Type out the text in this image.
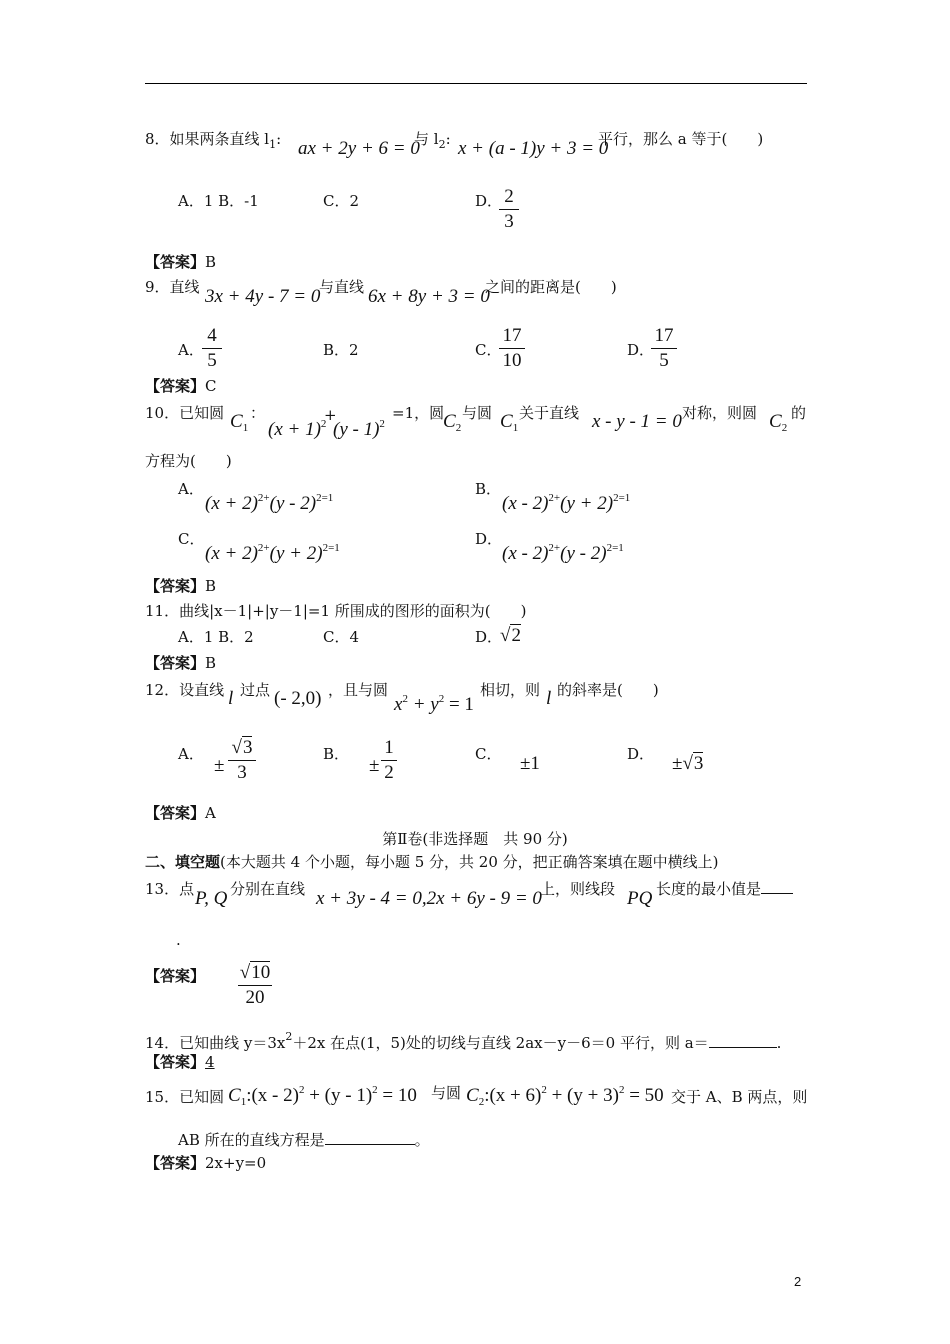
8．如果两条直线 $l_1$: ax + 2y + 6 = 0
与 $l_2$: x + (a - 1)y + 3 = 0
平行，那么 a 等于(　　)
A．1 B．-1	C．2	D． 2
3
【答案】B
9．直线 3x + 4y - 7 = 0
与直线 6x + 8y + 3 = 0
之间的距离是(　　)
A．
4
5	B．2	C．
17
10	D．
17
5
【答案】C
10．已知圆 $C_1$
：
$(x + 1)^2$
+
(y - 1)$^2$
=1，圆
$C_2$
与圆 $C_1$
关于直线 x - y - 1 = 0 对称，则圆 $C_2$
的
方程为(　　)
A．
$(x + 2)^{2+}(y - 2)^{2=1}$	B．
$(x - 2)^{2+}(y + 2)^{2=1}$
C．
$(x + 2)^{2+}(y + 2)^{2=1}$	D．
(x - 2)$^{2+}$(y - 2)$^{2=1}$
【答案】B
11．曲线|x－1|+|y－1|=1 所围成的图形的面积为(　　)
A．1 B．2	C．4	D．
√2
【答案】B
12．设直线 l 过点 (- 2,0) ，且与圆
$x^2 + y^2 = 1$
相切，则 l 的斜率是(　　)
A．
±
√3
3
B．
±
1
2
C． ±1	D． ±√3
【答案】A
第Ⅱ卷(非选择题　共 90 分)
二、填空题(本大题共 4 个小题，每小题 5 分，共 20 分，把正确答案填在题中横线上)
13．点 P, Q 分别在直线 x + 3y - 4 = 0,2x + 6y - 9 = 0
上，则线段 PQ 长度的最小值是
.
【答案】 √10
20
14．已知曲线 $y=3x^2+2x$ 在点(1，5)处的切线与直线 2ax－y－6＝0 平行，则 a＝	.
【答案】4
15．已知圆 $C_1:(x - 2)^2 + (y - 1)^2 = 10$ 与圆 $C_2:(x + 6)^2 + (y + 3)^2 = 50$ 交于 A、B 两点，则
AB 所在的直线方程是	。
【答案】2x+y=0
2
